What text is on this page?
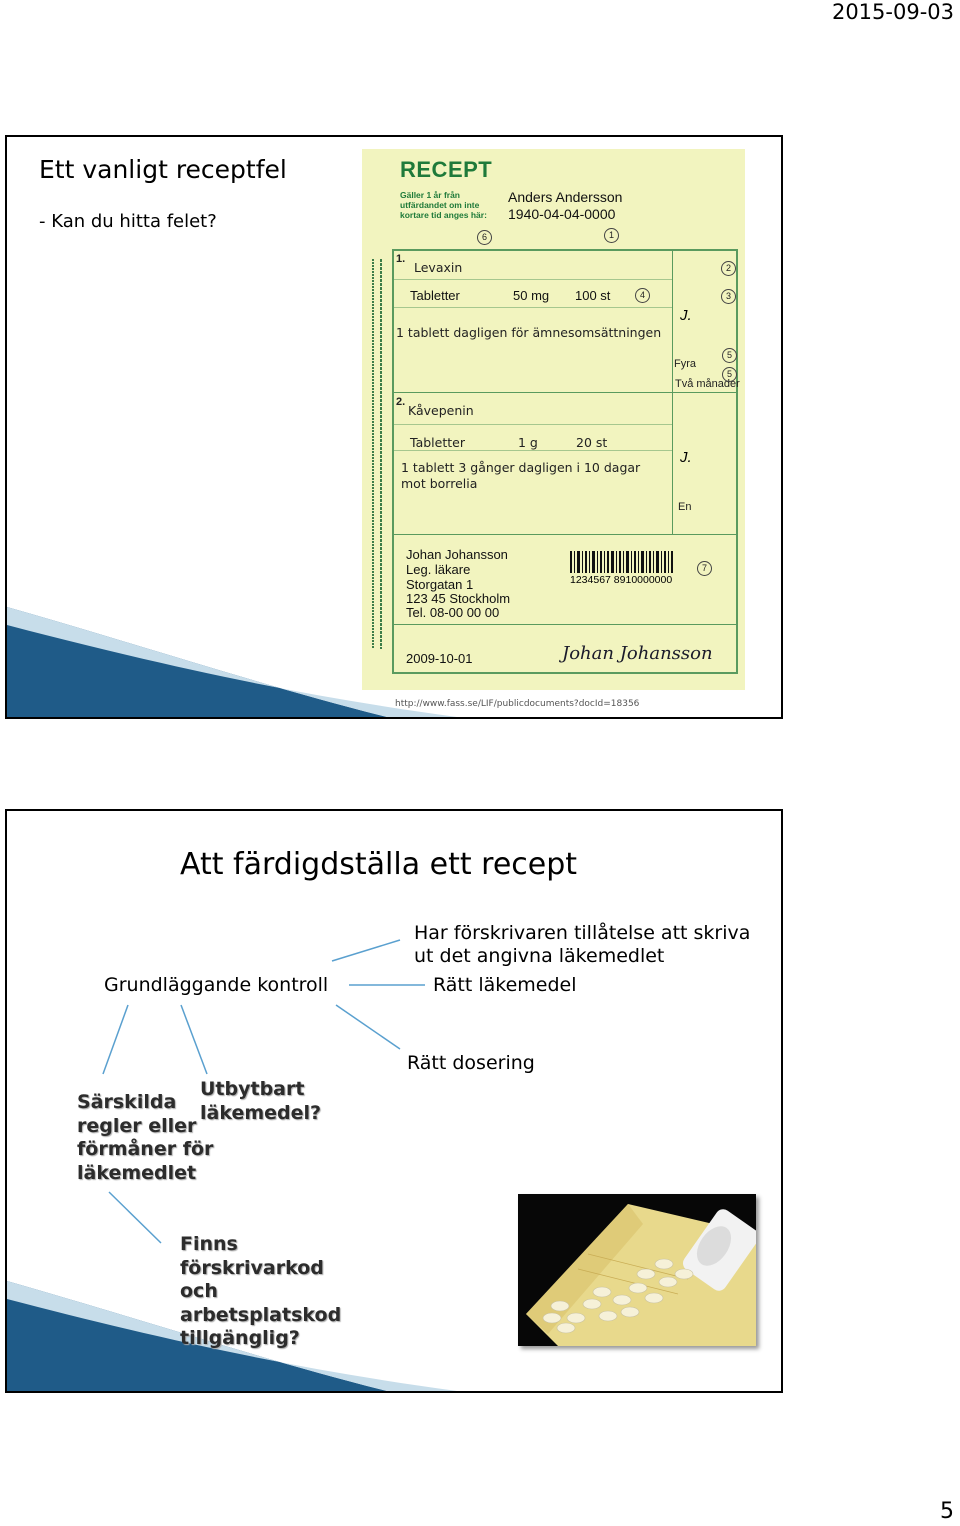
2015-09-03
Ett vanligt receptfel
- Kan du hitta felet?
RECEPT
Gäller 1 år från
utfärdandet om inte
kortare tid anges här:
Anders Andersson
1940-04-04-0000
6	1
1.
Levaxin
Tabletter	50 mg 100 st	4
1 tablett dagligen för ämnesomsättningen
2
3
J.
Fyra
Två månader
5
5
2.
Kåvepenin
Tabletter	1 g	20 st
1 tablett 3 gånger dagligen i 10 dagar
mot borrelia
J.
En
Johan Johansson
Leg. läkare
Storgatan 1
123 45 Stockholm
Tel. 08-00 00 00
1234567 8910000000
7
2009-10-01	Johan Johansson
http://www.fass.se/LIF/publicdocuments?docId=18356
Att färdigdställa ett recept
Grundläggande kontroll
Har förskrivaren tillåtelse att skriva
ut det angivna läkemedlet
Rätt läkemedel
Rätt dosering
Särskilda
regler eller
förmåner för
läkemedlet
Utbytbart
läkemedel?
Finns
förskrivarkod
och
arbetsplatskod
tillgänglig?
5
